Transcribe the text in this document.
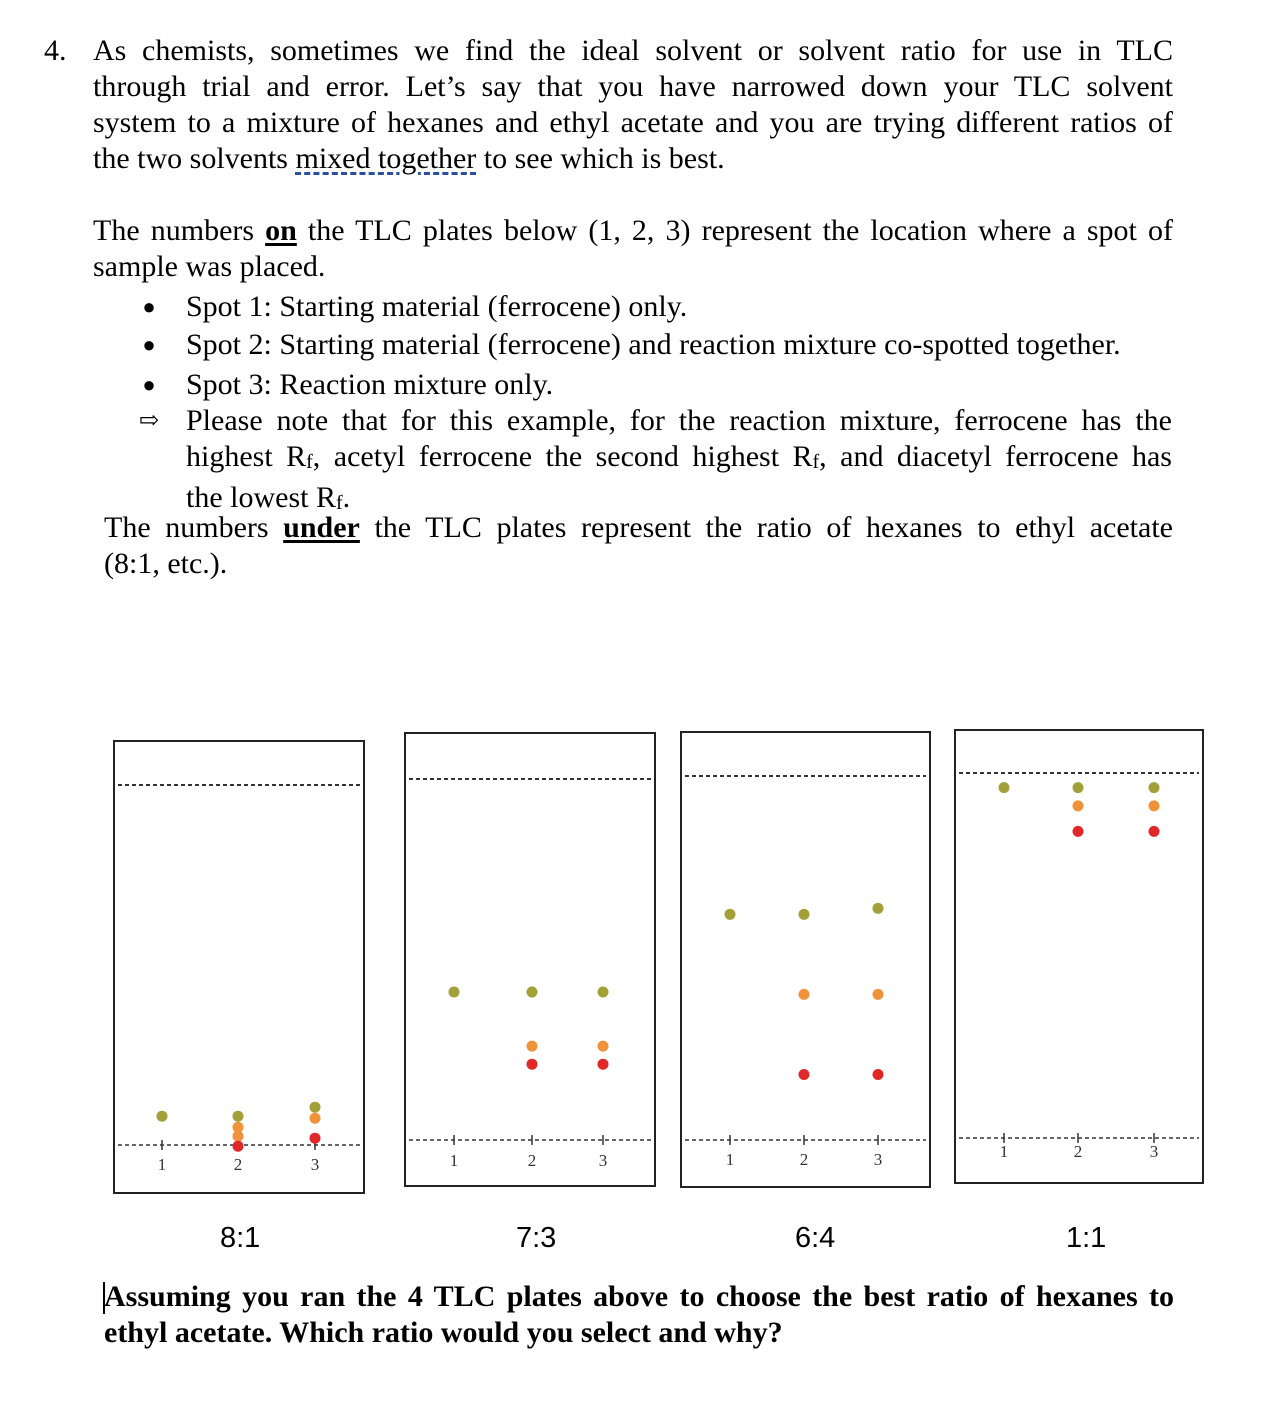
4. As chemists, sometimes we find the ideal solvent or solvent ratio for use in TLC
through trial and error. Let’s say that you have narrowed down your TLC solvent
system to a mixture of hexanes and ethyl acetate and you are trying different ratios of
the two solvents mixed together to see which is best.
The numbers on the TLC plates below (1, 2, 3) represent the location where a spot of
sample was placed.
● Spot 1: Starting material (ferrocene) only.
● Spot 2: Starting material (ferrocene) and reaction mixture co-spotted together.
● Spot 3: Reaction mixture only.
⇨ Please note that for this example, for the reaction mixture, ferrocene has the
highest $R_f$, acetyl ferrocene the second highest $R_f$, and diacetyl ferrocene has
the lowest $R_f$.
The numbers under the TLC plates represent the ratio of hexanes to ethyl acetate
(8:1, etc.).
1	2	3	1	2	3	1	2	3	1	2	3
8:1	7:3	6:4	1:1
Assuming you ran the 4 TLC plates above to choose the best ratio of hexanes to
ethyl acetate. Which ratio would you select and why?
